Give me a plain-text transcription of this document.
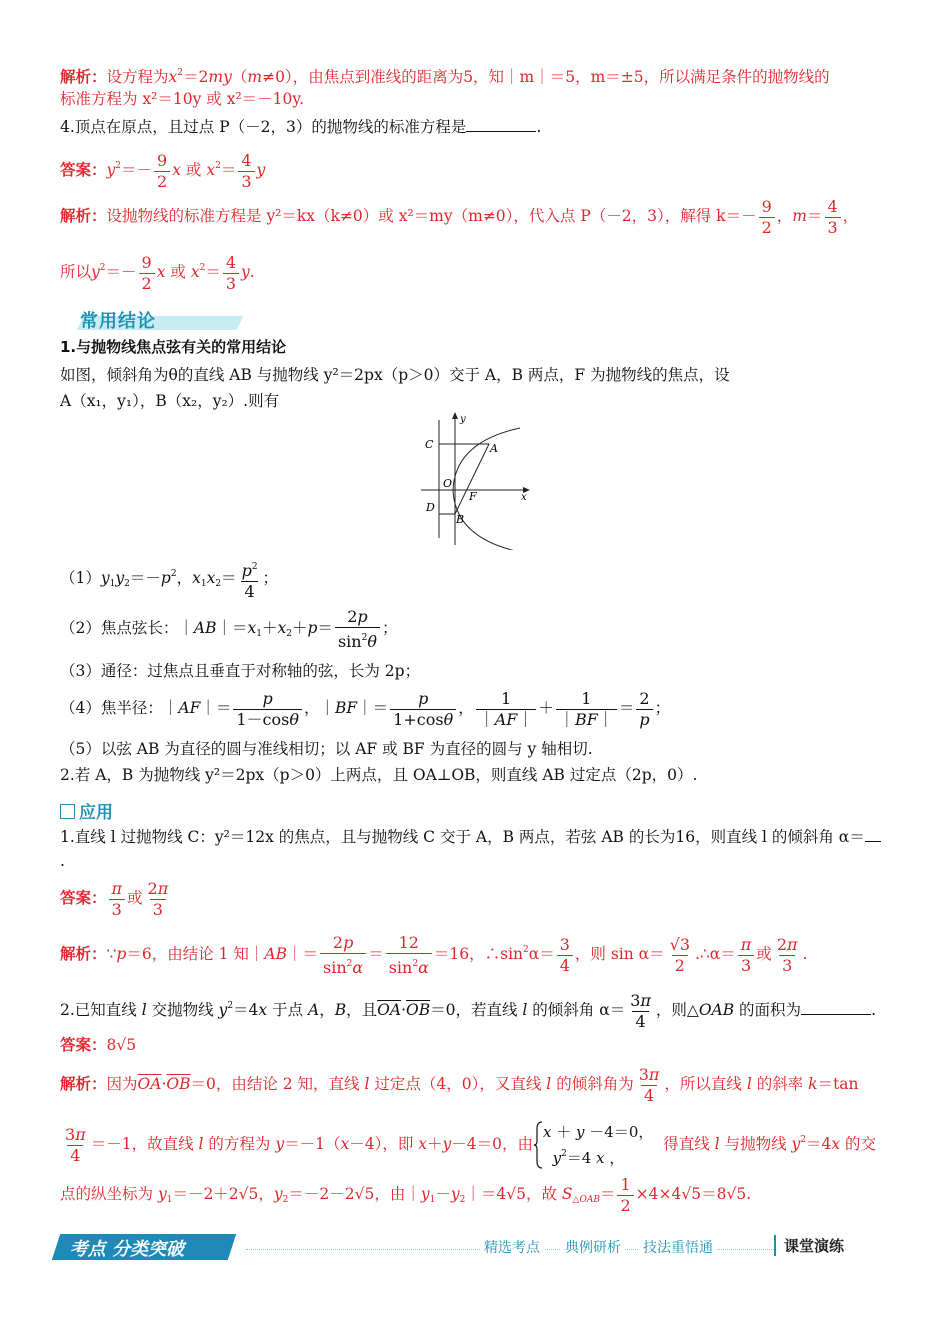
解析：设方程为$x^2=2my(m\ne 0)$，由焦点到准线的距离为5，知｜m｜＝5，m＝±5，所以满足条件的抛物线的
标准方程为 x²＝10y 或 x²＝－10y.
4.顶点在原点，且过点 P（－2，3）的抛物线的标准方程是	.
答案：$y^2=- \frac{9}{2}$ x 或 $x^2= \frac{4}{3}$ y
解析：设抛物线的标准方程是 y²＝kx（k≠0）或 x²＝my（m≠0），代入点 P（－2，3），解得 $k=- \frac{9}{2}$ ，$m= \frac{4}{3}$ ，
所以$y^2=- \frac{9}{2}$ x 或 $x^2= \frac{4}{3} y$.
常用结论
1.与抛物线焦点弦有关的常用结论
如图，倾斜角为θ的直线 AB 与抛物线 y²＝2px（p＞0）交于 A，B 两点，F 为抛物线的焦点，设
A（x₁，y₁），B（x₂，y₂）.则有
y
C	A
O
F	x
D
B
$(1)y_1y_2=-p^2$，$x_1x_2= \frac{p^2}{4}$ ；
（2）焦点弦长：$|AB|=x_1+x_2+p= \frac{2p}{\sin^2\theta}$ ；
（3）通径：过焦点且垂直于对称轴的弦，长为 2p；
（4）焦半径：｜AF｜＝ $\frac{p}{1-\cos\theta}$ ，｜BF｜＝ $\frac{p}{1+\cos\theta}$ ， $\frac{1}{|AF|} + \frac{1}{|BF|} = \frac{2}{p}$ ；
（5）以弦 AB 为直径的圆与准线相切；以 AF 或 BF 为直径的圆与 y 轴相切.
2.若 A，B 为抛物线 y²＝2px（p＞0）上两点，且 OA⊥OB，则直线 AB 过定点（2p，0）.
应用
1.直线 l 过抛物线 C：y²＝12x 的焦点，且与抛物线 C 交于 A，B 两点，若弦 AB 的长为16，则直线 l 的倾斜角 α＝
.
答案： $\frac{\pi}{3}$ 或 $\frac{2\pi}{3}$
解析：∵p＝6，由结论 1 知｜AB｜＝ $\frac{2p}{\sin^2\alpha} = \frac{12}{\sin^2\alpha} =16$，$\therefore\sin^2\alpha= \frac{3}{4}$ ，则 $\sin \alpha= \frac{√3}{2}$ .∴α＝ $\frac{\pi}{3}$ 或 $\frac{2\pi}{3}$ .
2.已知直线 l 交抛物线 $y^2=4x$ 于点 A，B，且$\overline{OA}\cdot\overline{OB}=0$，若直线 l 的倾斜角 $\alpha= \frac{3\pi}{4}$ ，则△OAB 的面积为	.
答案：8√5
解析：因为$\overline{OA}\cdot\overline{OB}=0$，由结论 2 知，直线 l 过定点（4，0），又直线 l 的倾斜角为 $\frac{3\pi}{4}$ ，所以直线 l 的斜率 k＝tan
$\frac{3\pi}{4} =-1$，故直线 l 的方程为 y＝－1（x－4），即 x＋y－4＝0，由
x ＋ y －4＝0，
$y^2=4$ x ，
得直线 l 与抛物线 $y^2=4x$ 的交
点的纵坐标为 $y_1=-2+2√5$，$y_2=-2-2√5$，由$|y_1-y_2|=4√5$，故 $S_{\triangle OAB}= \frac{1}{2} \times 4\times 4√5=8√5$.
考点 分类突破	精选考点 典例研析 技法重悟通	课堂演练
